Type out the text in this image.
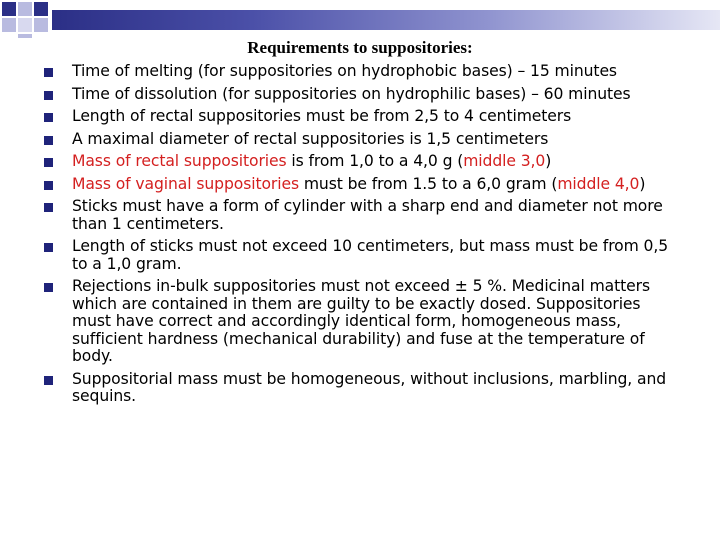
Requirements to suppositories:
Time of melting (for suppositories on hydrophobic bases) – 15 minutes
Time of dissolution (for suppositories on hydrophilic bases) – 60 minutes
Length of rectal suppositories must be from 2,5 to 4 centimeters
A maximal diameter of rectal suppositories is 1,5 centimeters
Mass of rectal suppositories is from 1,0 to a 4,0 g (middle 3,0)
Mass of vaginal suppositories must be from 1.5 to a 6,0 gram (middle 4,0)
Sticks must have a form of cylinder with a sharp end and diameter not more than 1 centimeters.
Length of sticks must not exceed 10 centimeters, but mass must be from 0,5 to a 1,0 gram.
Rejections in-bulk suppositories must not exceed ± 5 %. Medicinal matters which are contained in them are guilty to be exactly dosed. Suppositories must have correct and accordingly identical form, homogeneous mass, sufficient hardness (mechanical durability) and fuse at the temperature of body.
Suppositorial mass must be homogeneous, without inclusions, marbling, and sequins.
